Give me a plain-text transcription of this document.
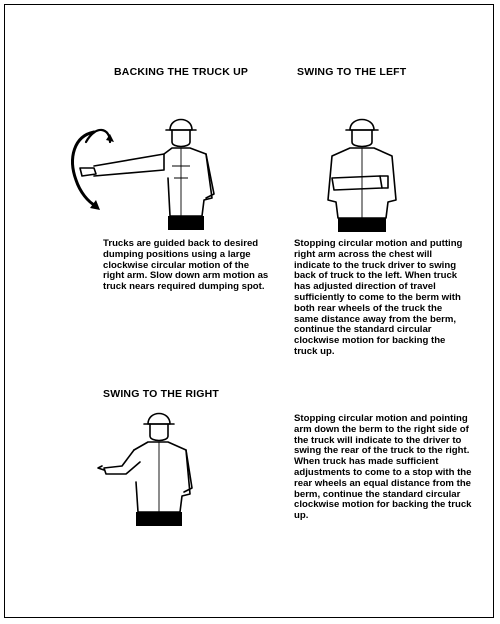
BACKING THE TRUCK UP	SWING TO THE LEFT
SWING TO THE RIGHT
Trucks are guided back to desired dumping positions using a large clockwise circular motion of the right arm. Slow down arm motion as truck nears required dumping spot.
Stopping circular motion and putting right arm across the chest will indicate to the truck driver to swing back of truck to the left. When truck has adjusted direction of travel sufficiently to come to the berm with both rear wheels of the truck the same distance away from the berm, continue the standard circular clockwise motion for backing the truck up.
Stopping circular motion and pointing arm down the berm to the right side of the truck will indicate to the driver to swing the rear of the truck to the right. When truck has made sufficient adjustments to come to a stop with the rear wheels an equal distance from the berm, continue the standard circular clockwise motion for backing the truck up.
